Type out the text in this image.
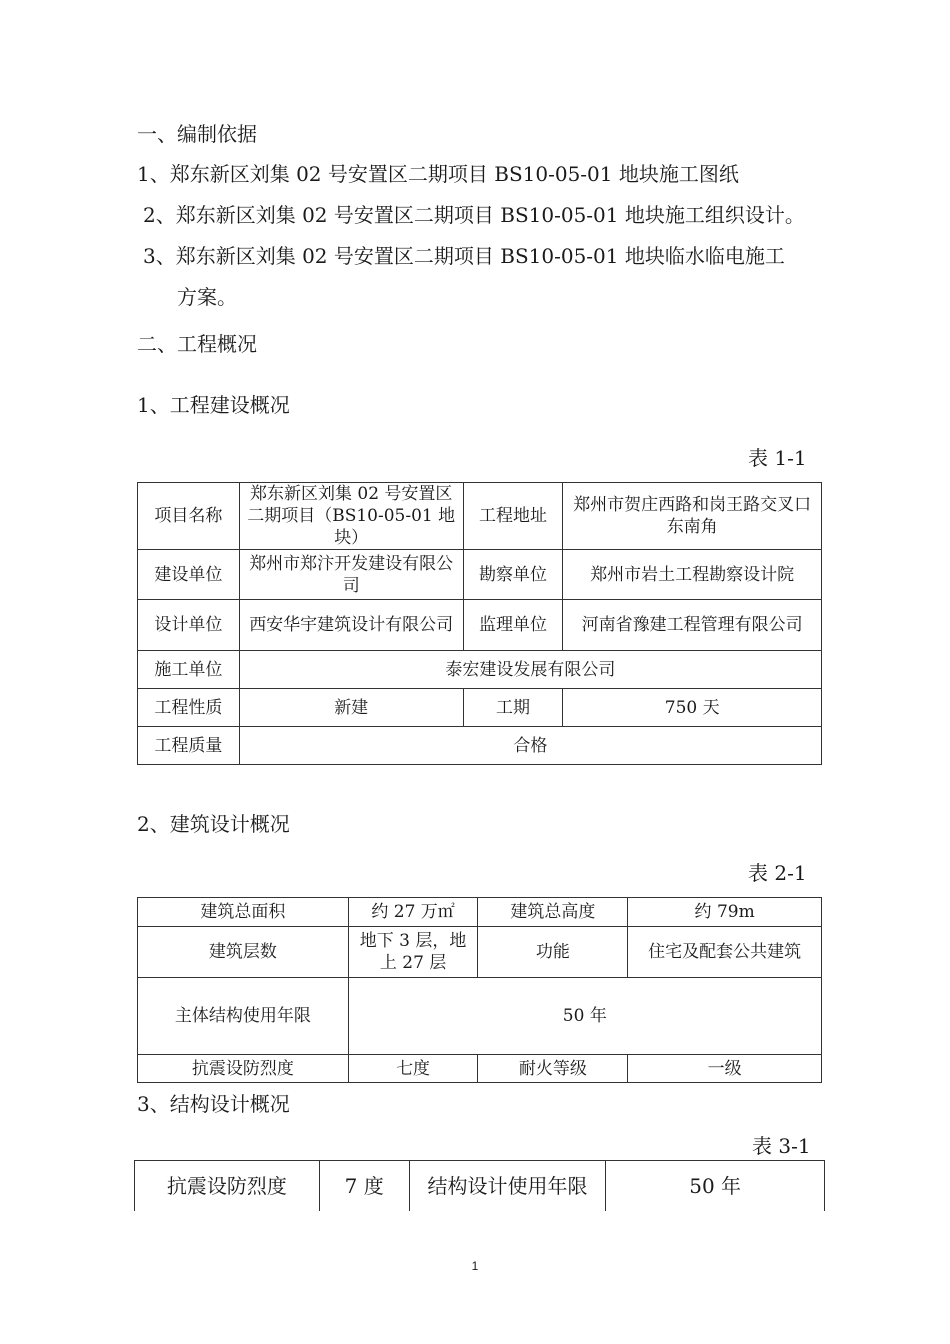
一、编制依据
1、郑东新区刘集 02 号安置区二期项目 BS10-05-01 地块施工图纸
2、郑东新区刘集 02 号安置区二期项目 BS10-05-01 地块施工组织设计。
3、郑东新区刘集 02 号安置区二期项目 BS10-05-01 地块临水临电施工
方案。
二、工程概况
1、工程建设概况
表 1-1
项目名称	郑东新区刘集 02 号安置区二期项目（BS10-05-01 地块）	工程地址	郑州市贺庄西路和岗王路交叉口东南角
建设单位	郑州市郑汴开发建设有限公司	勘察单位	郑州市岩土工程勘察设计院
设计单位	西安华宇建筑设计有限公司	监理单位	河南省豫建工程管理有限公司
施工单位	泰宏建设发展有限公司		
工程性质	新建	工期	750 天
工程质量	合格		
2、建筑设计概况
表 2-1
建筑总面积	约 27 万㎡	建筑总高度	约 79m
建筑层数	地下 3 层，地上 27 层	功能	住宅及配套公共建筑
主体结构使用年限	50 年		
抗震设防烈度	七度	耐火等级	一级
3、结构设计概况
表 3-1
抗震设防烈度	7 度	结构设计使用年限	50 年
1
